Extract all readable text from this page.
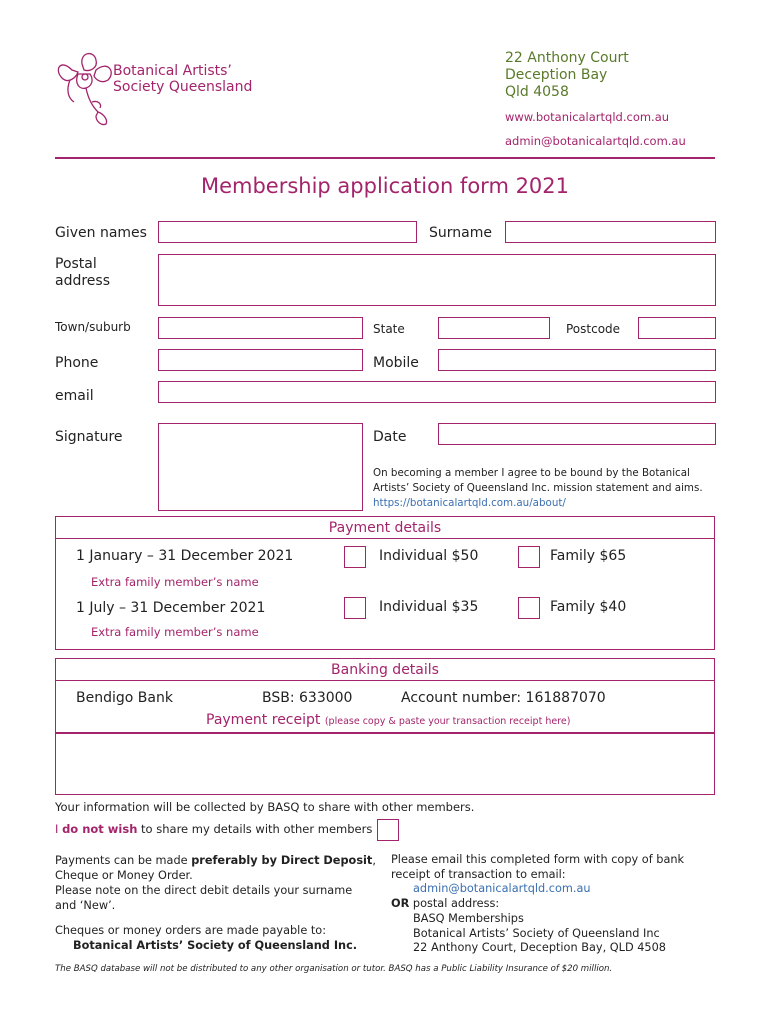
Botanical Artists’
Society Queensland
22 Anthony Court
Deception Bay
Qld 4058
www.botanicalartqld.com.au
admin@botanicalartqld.com.au
Membership application form 2021
Given names	Surname
Postal
address
Town/suburb	State	Postcode
Phone	Mobile
email
Signature	Date
On becoming a member I agree to be bound by the Botanical
Artists’ Society of Queensland Inc. mission statement and aims.
https://botanicalartqld.com.au/about/
Payment details
1 January – 31 December 2021	Individual $50	Family $65
Extra family member’s name
1 July – 31 December 2021	Individual $35	Family $40
Extra family member’s name
Banking details
Bendigo Bank	BSB: 633000	Account number: 161887070
Payment receipt (please copy & paste your transaction receipt here)
Your information will be collected by BASQ to share with other members.
I do not wish to share my details with other members
Payments can be made preferably by Direct Deposit,
Cheque or Money Order.
Please note on the direct debit details your surname
and ‘New’.
Cheques or money orders are made payable to:
Botanical Artists’ Society of Queensland Inc.
Please email this completed form with copy of bank
receipt of transaction to email:
admin@botanicalartqld.com.au
OR postal address:
BASQ Memberships
Botanical Artists’ Society of Queensland Inc
22 Anthony Court, Deception Bay, QLD 4508
The BASQ database will not be distributed to any other organisation or tutor. BASQ has a Public Liability Insurance of $20 million.
